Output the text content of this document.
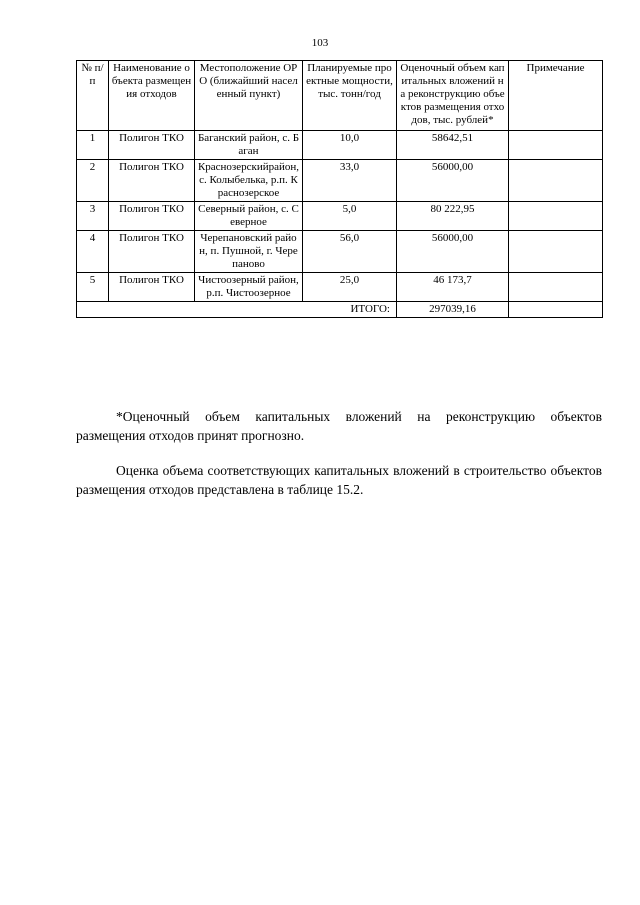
103
№ п/п	Наименование объекта размещения отходов	Местоположение ОРО (ближайший населенный пункт)	Планируемые проектные мощности, тыс. тонн/год	Оценочный объем капитальных вложений на реконструкцию объектов размещения отходов, тыс. рублей*	Примечание
1	Полигон ТКО	Баганский район, с. Баган	10,0	58642,51	
2	Полигон ТКО	Краснозерскийрайон, с. Колыбелька, р.п. Краснозерское	33,0	56000,00	
3	Полигон ТКО	Северный район, с. Северное	5,0	80 222,95	
4	Полигон ТКО	Черепановский район, п. Пушной, г. Черепаново	56,0	56000,00	
5	Полигон ТКО	Чистоозерный район, р.п. Чистоозерное	25,0	46 173,7	
ИТОГО:				297039,16	
*Оценочный объем капитальных вложений на реконструкцию объектов размещения отходов принят прогнозно.
Оценка объема соответствующих капитальных вложений в строительство объектов размещения отходов представлена в таблице 15.2.
